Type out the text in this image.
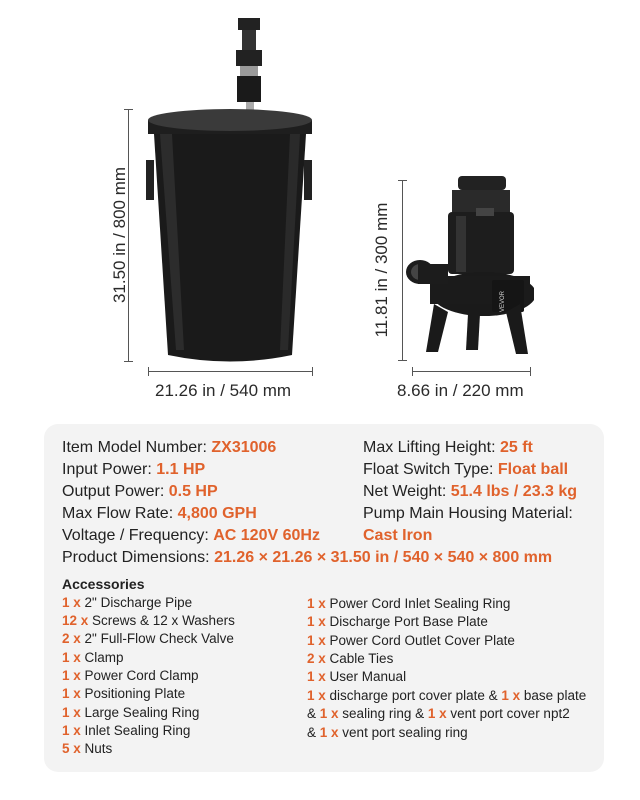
31.50 in / 800 mm
21.26 in / 540 mm
11.81 in / 300 mm	VEVOR
8.66 in / 220 mm
Item Model Number: ZX31006
Input Power: 1.1 HP
Output Power: 0.5 HP
Max Flow Rate: 4,800 GPH
Voltage / Frequency: AC 120V 60Hz
Product Dimensions: 21.26 × 21.26 × 31.50 in / 540 × 540 × 800 mm
Max Lifting Height: 25 ft
Float Switch Type: Float ball
Net Weight: 51.4 lbs / 23.3 kg
Pump Main Housing Material:
Cast Iron
Accessories
1 x 2" Discharge Pipe
12 x Screws & 12 x Washers
2 x 2" Full-Flow Check Valve
1 x Clamp
1 x Power Cord Clamp
1 x Positioning Plate
1 x Large Sealing Ring
1 x Inlet Sealing Ring
5 x Nuts
1 x Power Cord Inlet Sealing Ring
1 x Discharge Port Base Plate
1 x Power Cord Outlet Cover Plate
2 x Cable Ties
1 x User Manual
1 x discharge port cover plate & 1 x base plate
& 1 x sealing ring & 1 x vent port cover npt2
& 1 x vent port sealing ring
